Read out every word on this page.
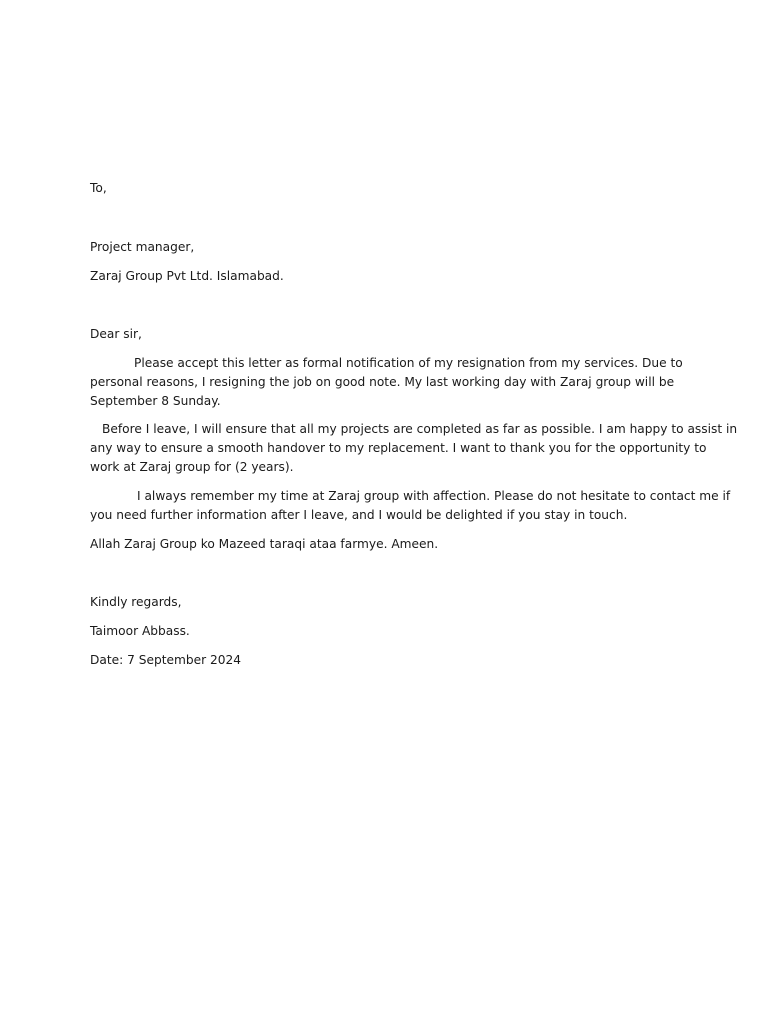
To,

Project manager,

Zaraj Group Pvt Ltd. Islamabad.

Dear sir,

Please accept this letter as formal notification of my resignation from my services. Due to
personal reasons, I resigning the job on good note. My last working day with Zaraj group will be
September 8 Sunday.
Before I leave, I will ensure that all my projects are completed as far as possible. I am happy to assist in
any way to ensure a smooth handover to my replacement. I want to thank you for the opportunity to
work at Zaraj group for (2 years).
I always remember my time at Zaraj group with affection. Please do not hesitate to contact me if
you need further information after I leave, and I would be delighted if you stay in touch.

Allah Zaraj Group ko Mazeed taraqi ataa farmye. Ameen.

Kindly regards,

Taimoor Abbass.

Date: 7 September 2024
